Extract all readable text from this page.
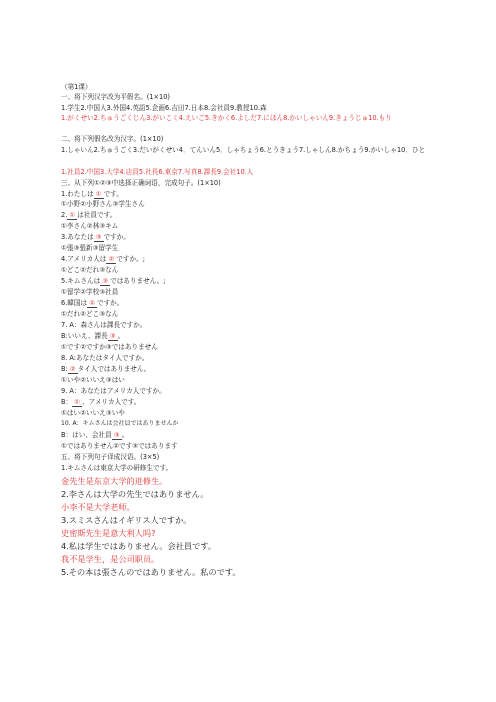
（第1课）
一、将下列汉字改为平假名。(1×10)
1.学生2.中国人3.外国4.英語5.企画6.吉田7.日本8.会社員9.教授10.森
1.がくせい2.ちゅうごくじん3.がいこく4.えいご5.きかく6.よしだ7.にほん8.かいしゃいん9.きょうじゅ10.もり
二、将下列假名改为汉字。(1×10)
1.しゃいん2.ちゅうごく3.だいがくせい4．てんいん5．しゃちょう6.とうきょう7.しゃしん8.かちょう9.かいしゃ10．ひと
1.社員2.中国3.大学4.店員5.社長6.東京7.写真8.課長9.会社10.人
三、从下列①②③中选择正确词语，完成句子。(1×10)
1.わたしは ① です。
①小野②小野さん③学生さん
2. ① は社員です。
①李さん②林③キム
3.あなたは ③ ですか。
①張③張新③留学生
4.アメリカ人は ② ですか。;
①どこ②だれ③なん
5.キムさんは ③ ではありません。;
①留学②学校③社員
6.韓国は ② ですか。
①だれ②どこ③なん
7. A：森さんは課長ですか。
B:いいえ、課長 ③ 。
①です②ですか③ではありません
8. A:あなたはタイ人ですか。
B: ② タイ人ではありません。
①いや②いいえ③はい
9. A：あなたはアメリカ人ですか。
B： ① 、アメリカ人です。
①はい②いいえ③いや
10. A：キムさんは会社員ではありませんか
B：はい、会社員 ③ 。
①ではありません②です③ではあります
五、将下列句子译成汉语。(3×5)
1.キムさんは東京大学の研修生です。
金先生是东京大学的进修生。
2.李さんは大学の先生ではありません。
小李不是大学老师。
3.スミスさんはイギリス人ですか。
史密斯先生是意大利人吗?
4.私は学生ではありません。会社員です。
我不是学生，是公司职员。
5.その本は張さんのではありません。私のです。
